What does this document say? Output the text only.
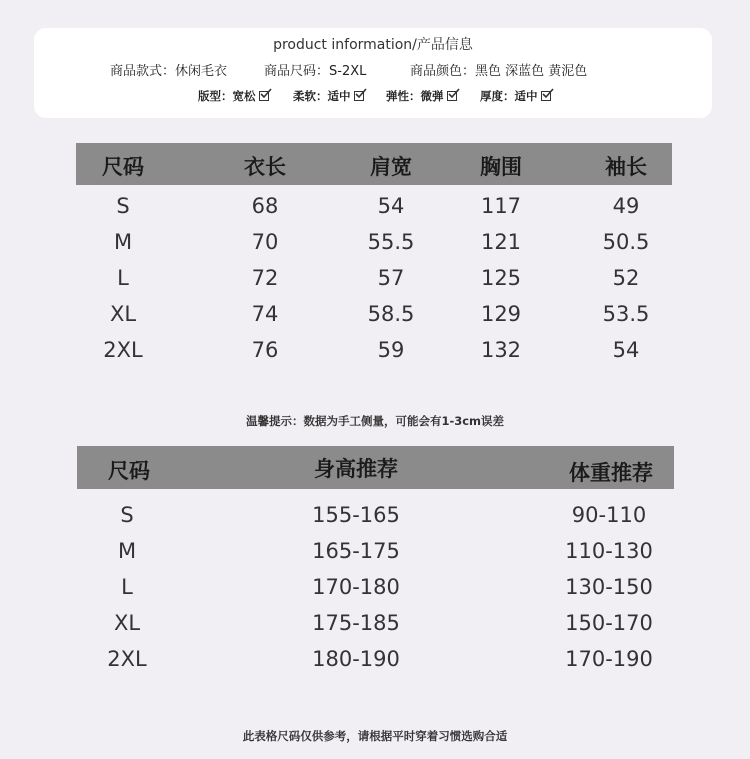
product information/产品信息
商品款式：休闲毛衣	商品尺码：S-2XL	商品颜色：黑色 深蓝色 黄泥色
版型： 宽松	柔软： 适中	弹性： 微弹	厚度： 适中
尺码	衣长	肩宽	胸围	袖长
S	68	54	117	49
M	70	55.5	121	50.5
L	72	57	125	52
XL	74	58.5	129	53.5
2XL	76	59	132	54
温馨提示：数据为手工侧量，可能会有1-3cm误差
尺码	身高推荐	体重推荐
S	155-165	90-110
M	165-175	110-130
L	170-180	130-150
XL	175-185	150-170
2XL	180-190	170-190
此表格尺码仅供参考，请根据平时穿着习惯选购合适
